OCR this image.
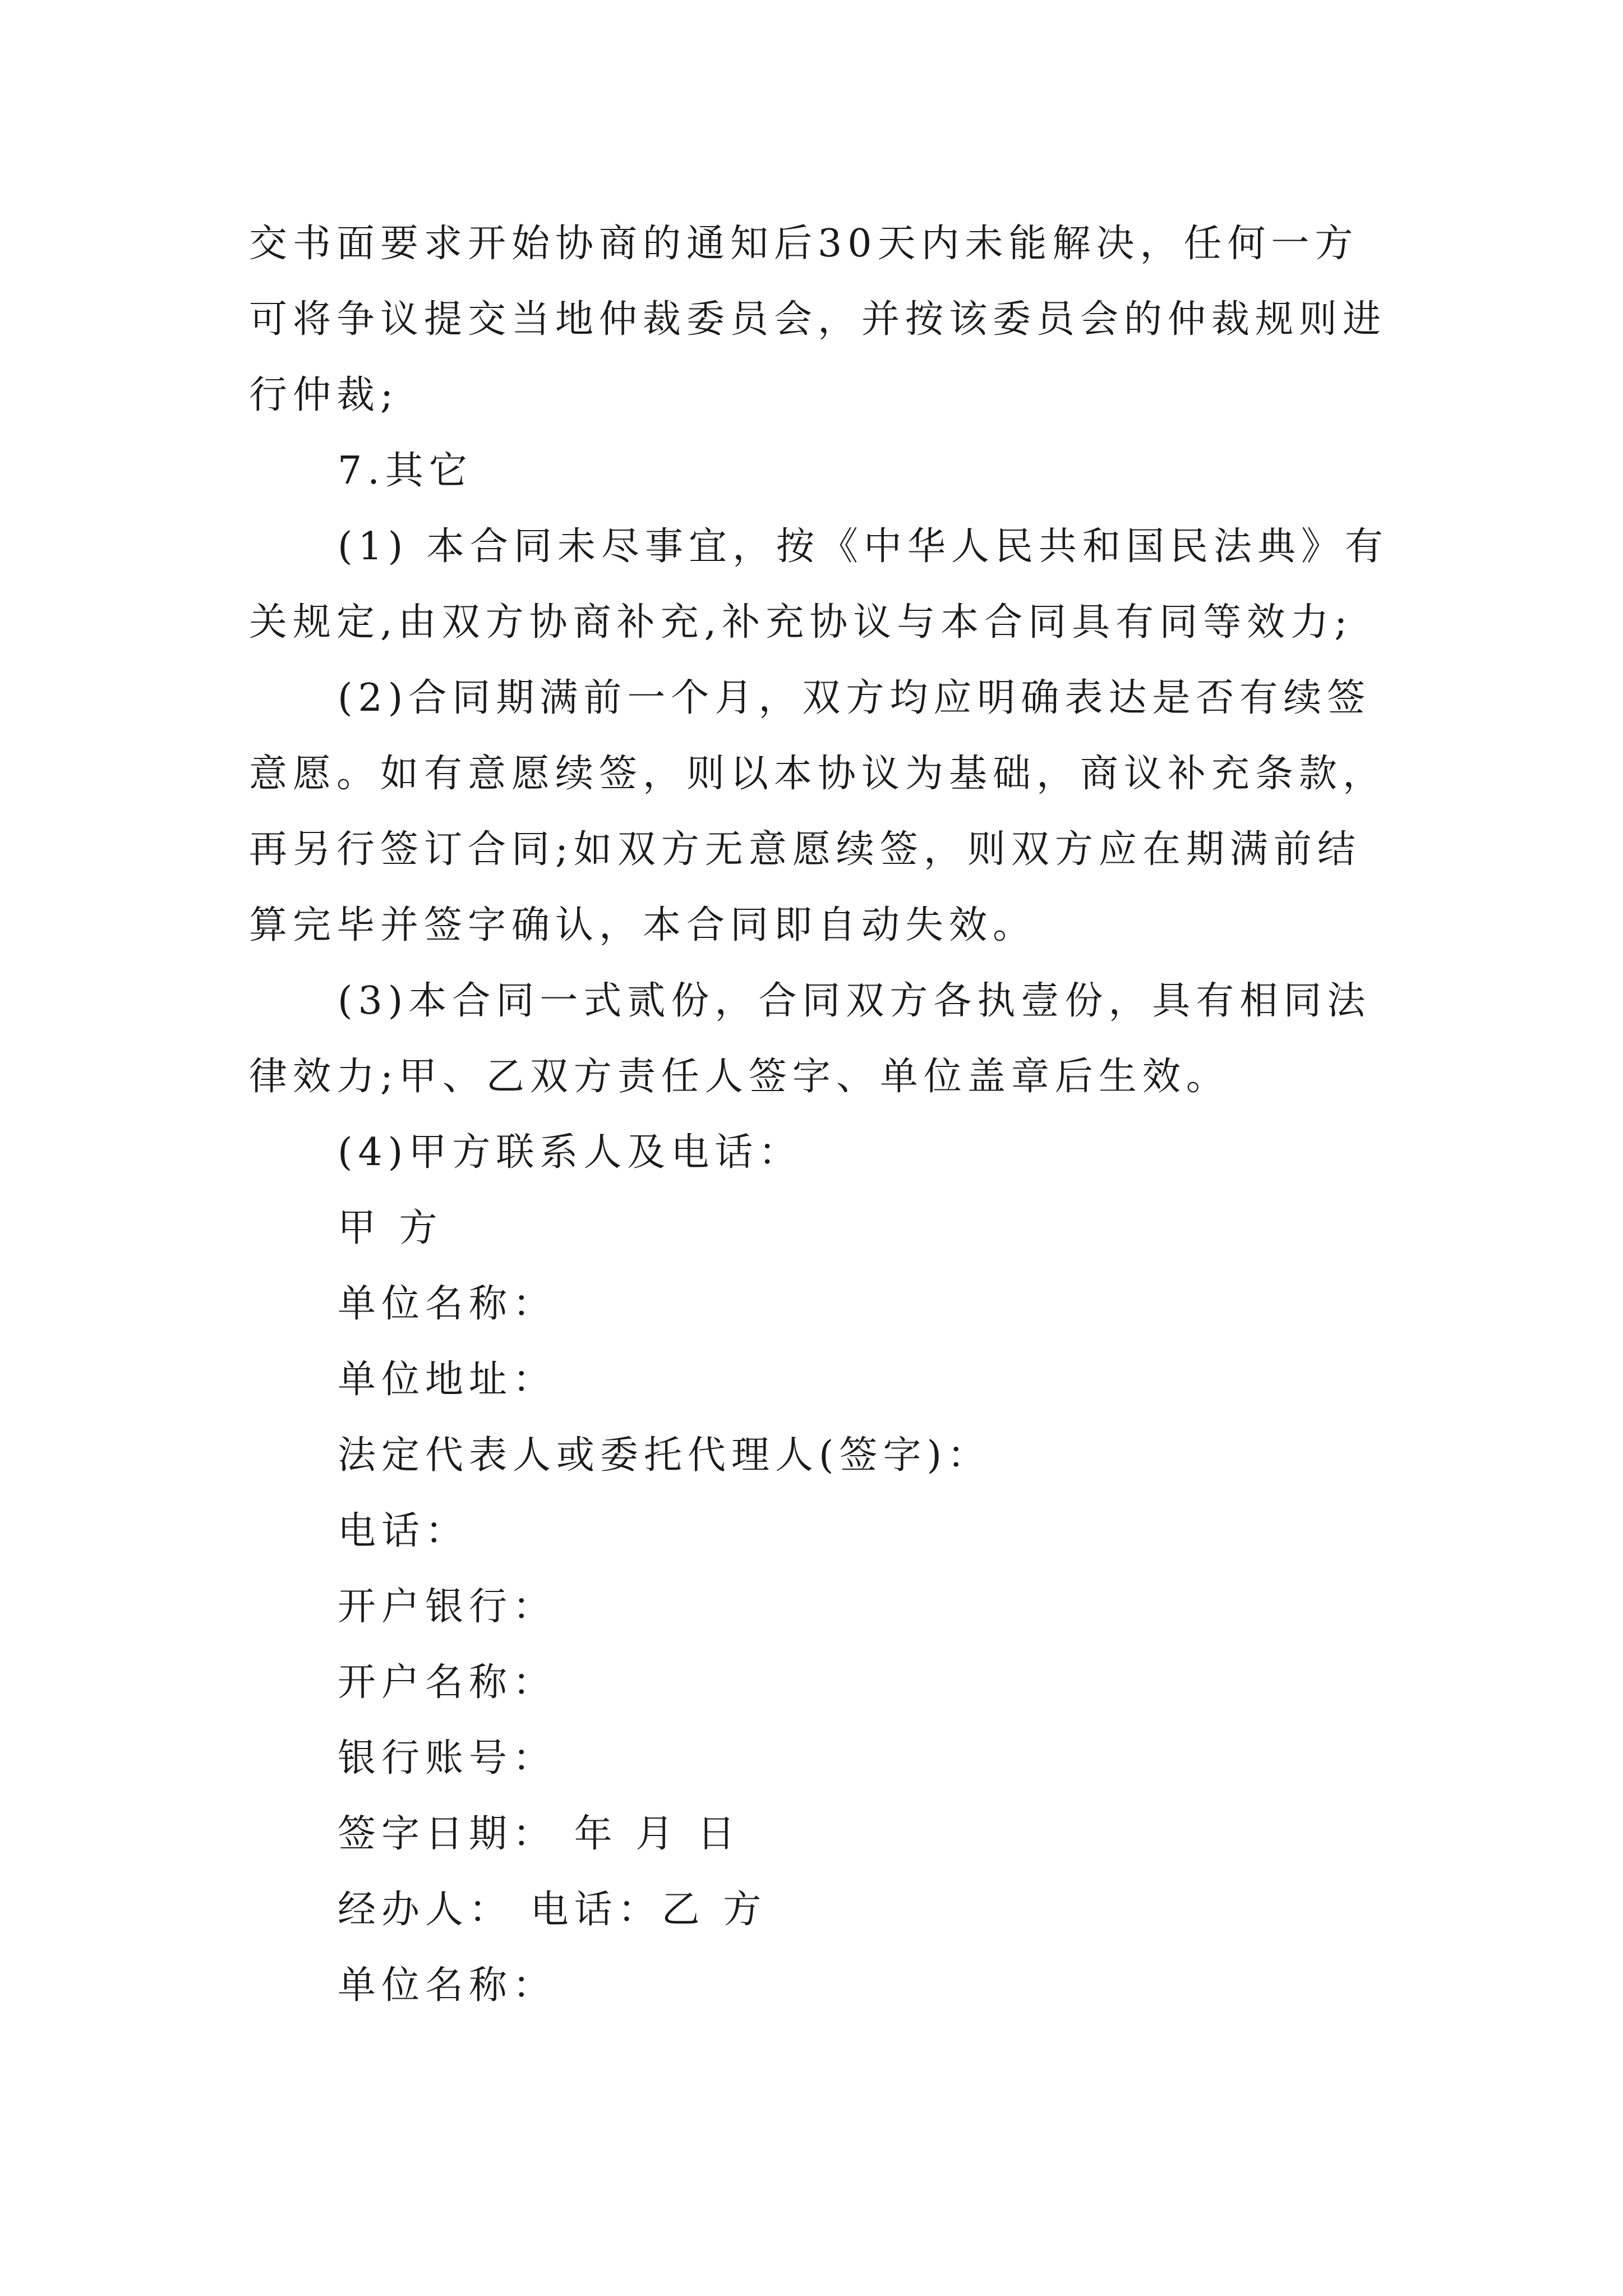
交书面要求开始协商的通知后30天内未能解决，任何一方
可将争议提交当地仲裁委员会，并按该委员会的仲裁规则进
行仲裁;
7.其它
(1) 本合同未尽事宜，按《中华人民共和国民法典》有
关规定,由双方协商补充,补充协议与本合同具有同等效力;
(2)合同期满前一个月，双方均应明确表达是否有续签
意愿。如有意愿续签，则以本协议为基础，商议补充条款，
再另行签订合同;如双方无意愿续签，则双方应在期满前结
算完毕并签字确认，本合同即自动失效。
(3)本合同一式贰份，合同双方各执壹份，具有相同法
律效力;甲、乙双方责任人签字、单位盖章后生效。
(4)甲方联系人及电话：
甲 方
单位名称：
单位地址：
法定代表人或委托代理人(签字)：
电话：
开户银行：
开户名称：
银行账号：
签字日期： 年 月 日
经办人： 电话：乙 方
单位名称：
